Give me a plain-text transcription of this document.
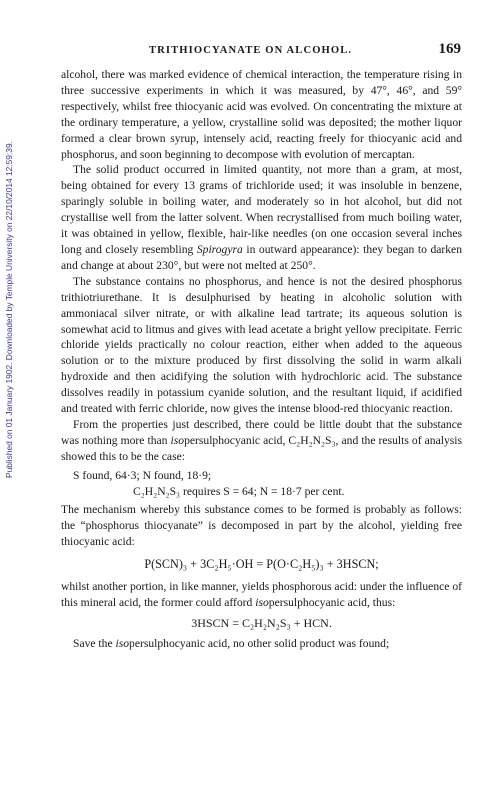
Published on 01 January 1902. Downloaded by Temple University on 22/10/2014 12:59:39.
TRITHIOCYANATE ON ALCOHOL.	169

alcohol, there was marked evidence of chemical interaction, the temperature rising in three successive experiments in which it was measured, by 47°, 46°, and 59° respectively, whilst free thiocyanic acid was evolved. On concentrating the mixture at the ordinary temperature, a yellow, crystalline solid was deposited; the mother liquor formed a clear brown syrup, intensely acid, reacting freely for thiocyanic acid and phosphorus, and soon beginning to decompose with evolution of mercaptan.

The solid product occurred in limited quantity, not more than a gram, at most, being obtained for every 13 grams of trichloride used; it was insoluble in benzene, sparingly soluble in boiling water, and moderately so in hot alcohol, but did not crystallise well from the latter solvent. When recrystallised from much boiling water, it was obtained in yellow, flexible, hair-like needles (on one occasion several inches long and closely resembling Spirogyra in outward appearance): they began to darken and change at about 230°, but were not melted at 250°.

The substance contains no phosphorus, and hence is not the desired phosphorus trithiotriurethane. It is desulphurised by heating in alcoholic solution with ammoniacal silver nitrate, or with alkaline lead tartrate; its aqueous solution is somewhat acid to litmus and gives with lead acetate a bright yellow precipitate. Ferric chloride yields practically no colour reaction, either when added to the aqueous solution or to the mixture produced by first dissolving the solid in warm alkali hydroxide and then acidifying the solution with hydrochloric acid. The substance dissolves readily in potassium cyanide solution, and the resultant liquid, if acidified and treated with ferric chloride, now gives the intense blood-red thiocyanic reaction.

From the properties just described, there could be little doubt that the substance was nothing more than isopersulphocyanic acid, C₂H₂N₂S₃, and the results of analysis showed this to be the case:

S found, 64·3; N found, 18·9;
C₂H₂N₂S₃ requires S = 64; N = 18·7 per cent.

The mechanism whereby this substance comes to be formed is probably as follows: the “phosphorus thiocyanate” is decomposed in part by the alcohol, yielding free thiocyanic acid:

P(SCN)₃ + 3C₂H₅·OH = P(O·C₂H₅)₃ + 3HSCN;

whilst another portion, in like manner, yields phosphorous acid: under the influence of this mineral acid, the former could afford isopersulphocyanic acid, thus:

3HSCN = C₂H₂N₂S₃ + HCN.

Save the isopersulphocyanic acid, no other solid product was found;
